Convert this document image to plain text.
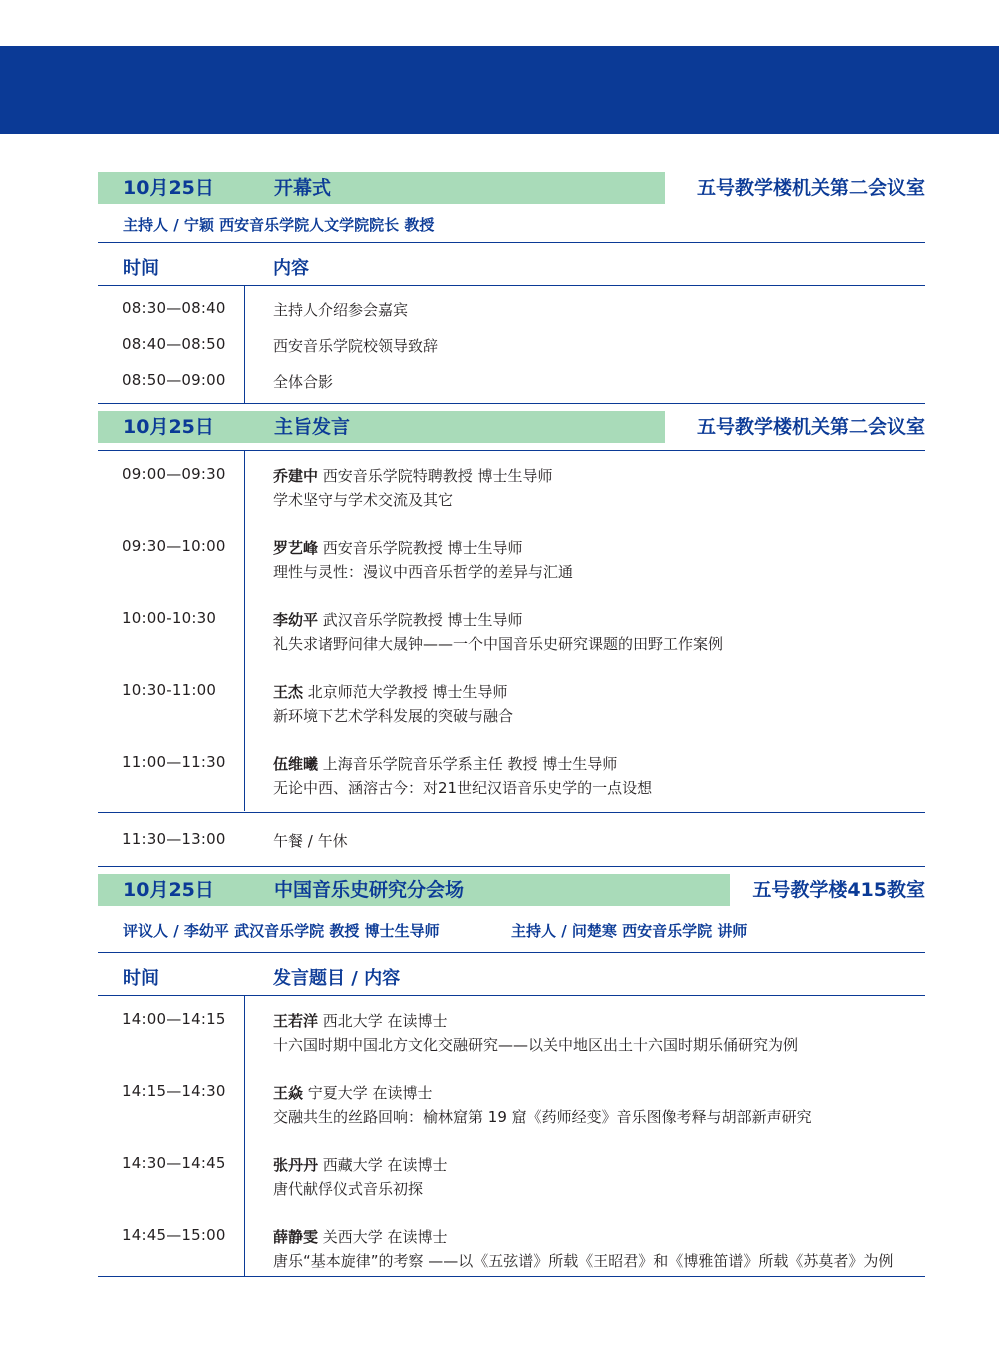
10月25日	开幕式	五号教学楼机关第二会议室
主持人 / 宁颖 西安音乐学院人文学院院长 教授
时间	内容
08:30—08:40	主持人介绍参会嘉宾
08:40—08:50	西安音乐学院校领导致辞
08:50—09:00	全体合影
10月25日	主旨发言	五号教学楼机关第二会议室
09:00—09:30	乔建中 西安音乐学院特聘教授 博士生导师
学术坚守与学术交流及其它
09:30—10:00	罗艺峰 西安音乐学院教授 博士生导师
理性与灵性：漫议中西音乐哲学的差异与汇通
10:00-10:30	李幼平 武汉音乐学院教授 博士生导师
礼失求诸野问律大晟钟——一个中国音乐史研究课题的田野工作案例
10:30-11:00	王杰 北京师范大学教授 博士生导师
新环境下艺术学科发展的突破与融合
11:00—11:30	伍维曦 上海音乐学院音乐学系主任 教授 博士生导师
无论中西、涵溶古今：对21世纪汉语音乐史学的一点设想
11:30—13:00	午餐 / 午休
10月25日	中国音乐史研究分会场	五号教学楼415教室
评议人 / 李幼平 武汉音乐学院 教授 博士生导师	主持人 / 问楚寒 西安音乐学院 讲师
时间	发言题目 / 内容
14:00—14:15	王若洋 西北大学 在读博士
十六国时期中国北方文化交融研究——以关中地区出土十六国时期乐俑研究为例
14:15—14:30	王焱 宁夏大学 在读博士
交融共生的丝路回响：榆林窟第 19 窟《药师经变》音乐图像考释与胡部新声研究
14:30—14:45	张丹丹 西藏大学 在读博士
唐代献俘仪式音乐初探
14:45—15:00	薛静雯 关西大学 在读博士
唐乐“基本旋律”的考察 ——以《五弦谱》所载《王昭君》和《博雅笛谱》所载《苏莫者》为例
